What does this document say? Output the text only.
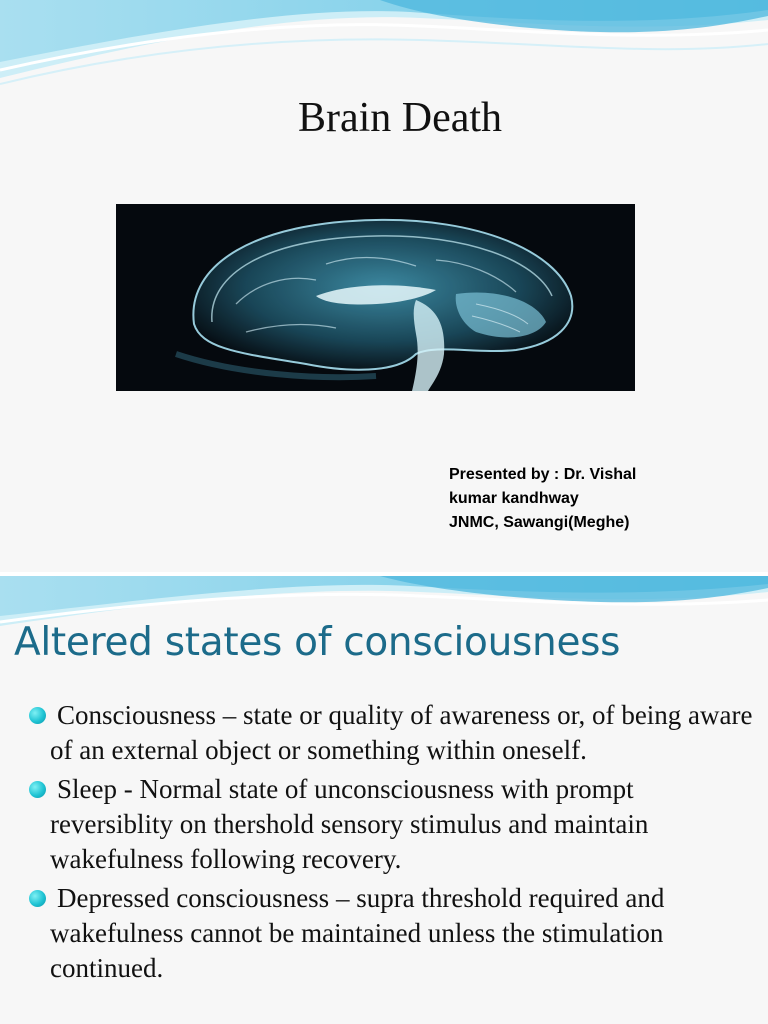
Brain Death
Presented by : Dr. Vishal
kumar kandhway
JNMC, Sawangi(Meghe)
Altered states of consciousness
Consciousness – state or quality of awareness or, of being aware of an external object or something within oneself.
Sleep - Normal state of unconsciousness with prompt reversiblity on thershold sensory stimulus and maintain wakefulness following recovery.
Depressed consciousness – supra threshold required and wakefulness cannot be maintained unless the stimulation continued.
